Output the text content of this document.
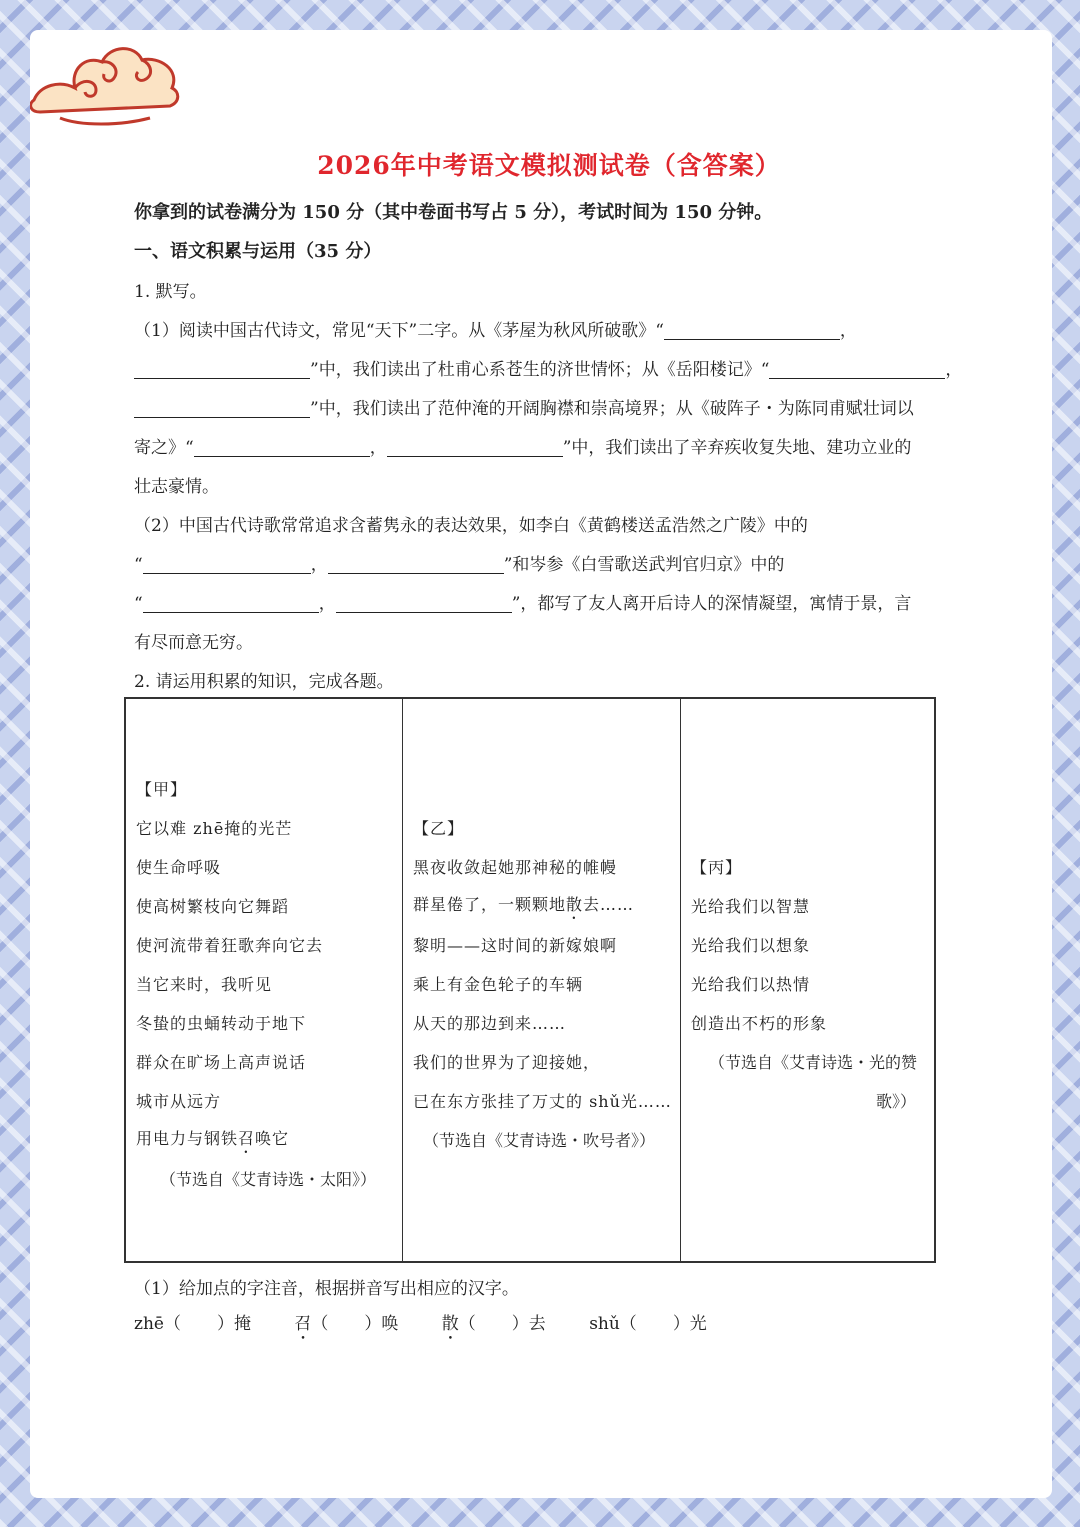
2026年中考语文模拟测试卷（含答案）
你拿到的试卷满分为 150 分（其中卷面书写占 5 分），考试时间为 150 分钟。
一、语文积累与运用（35 分）
1. 默写。
（1）阅读中国古代诗文，常见“天下”二字。从《茅屋为秋风所破歌》“	，
”中，我们读出了杜甫心系苍生的济世情怀；从《岳阳楼记》“	，
”中，我们读出了范仲淹的开阔胸襟和崇高境界；从《破阵子・为陈同甫赋壮词以
寄之》“	，	”中，我们读出了辛弃疾收复失地、建功立业的
壮志豪情。
（2）中国古代诗歌常常追求含蓄隽永的表达效果，如李白《黄鹤楼送孟浩然之广陵》中的
“	，	”和岑参《白雪歌送武判官归京》中的
“	，	”，都写了友人离开后诗人的深情凝望，寓情于景，言
有尽而意无穷。
2. 请运用积累的知识，完成各题。
【甲】
它以难 zhē掩的光芒
使生命呼吸
使高树繁枝向它舞蹈
使河流带着狂歌奔向它去
当它来时，我听见
冬蛰的虫蛹转动于地下
群众在旷场上高声说话
城市从远方
用电力与钢铁召唤它
（节选自《艾青诗选・太阳》）
【乙】
黑夜收敛起她那神秘的帷幔
群星倦了，一颗颗地散去……
黎明——这时间的新嫁娘啊
乘上有金色轮子的车辆
从天的那边到来……
我们的世界为了迎接她，
已在东方张挂了万丈的 shǔ光……
（节选自《艾青诗选・吹号者》）
【丙】
光给我们以智慧
光给我们以想象
光给我们以热情
创造出不朽的形象
（节选自《艾青诗选・光的赞
歌》）
（1）给加点的字注音，根据拼音写出相应的汉字。
zhē（ ）掩	召（ ）唤	散（ ）去	shǔ（ ）光
